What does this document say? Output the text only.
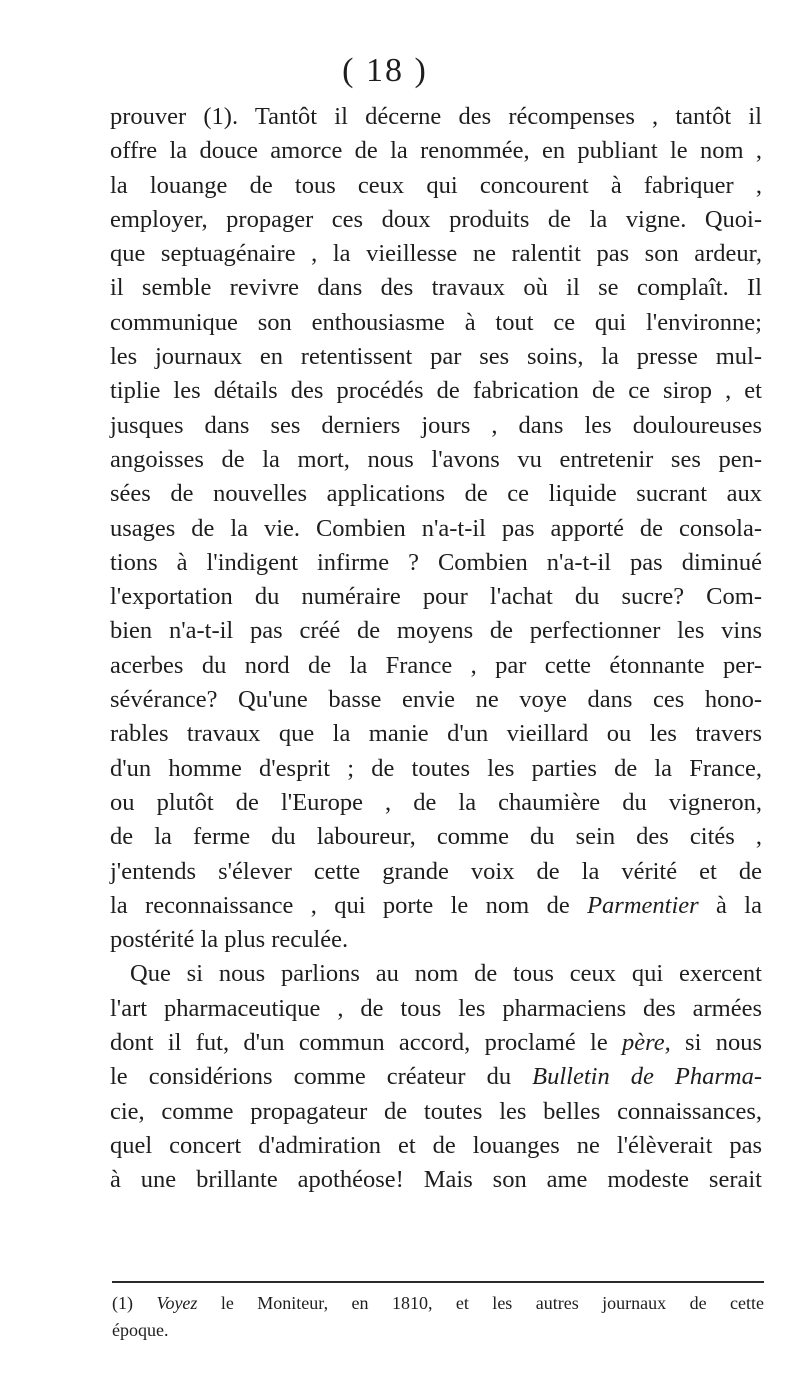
( 18 )
prouver (1). Tantôt il décerne des récompenses , tantôt il
offre la douce amorce de la renommée, en publiant le nom ,
la louange de tous ceux qui concourent à fabriquer ,
employer, propager ces doux produits de la vigne. Quoi-
que septuagénaire , la vieillesse ne ralentit pas son ardeur,
il semble revivre dans des travaux où il se complaît. Il
communique son enthousiasme à tout ce qui l'environne;
les journaux en retentissent par ses soins, la presse mul-
tiplie les détails des procédés de fabrication de ce sirop , et
jusques dans ses derniers jours , dans les douloureuses
angoisses de la mort, nous l'avons vu entretenir ses pen-
sées de nouvelles applications de ce liquide sucrant aux
usages de la vie. Combien n'a-t-il pas apporté de consola-
tions à l'indigent infirme ? Combien n'a-t-il pas diminué
l'exportation du numéraire pour l'achat du sucre? Com-
bien n'a-t-il pas créé de moyens de perfectionner les vins
acerbes du nord de la France , par cette étonnante per-
sévérance? Qu'une basse envie ne voye dans ces hono-
rables travaux que la manie d'un vieillard ou les travers
d'un homme d'esprit ; de toutes les parties de la France,
ou plutôt de l'Europe , de la chaumière du vigneron,
de la ferme du laboureur, comme du sein des cités ,
j'entends s'élever cette grande voix de la vérité et de
la reconnaissance , qui porte le nom de Parmentier à la
postérité la plus reculée.
Que si nous parlions au nom de tous ceux qui exercent
l'art pharmaceutique , de tous les pharmaciens des armées
dont il fut, d'un commun accord, proclamé le père, si nous
le considérions comme créateur du Bulletin de Pharma-
cie, comme propagateur de toutes les belles connaissances,
quel concert d'admiration et de louanges ne l'élèverait pas
à une brillante apothéose! Mais son ame modeste serait
(1) Voyez le Moniteur, en 1810, et les autres journaux de cette
époque.
